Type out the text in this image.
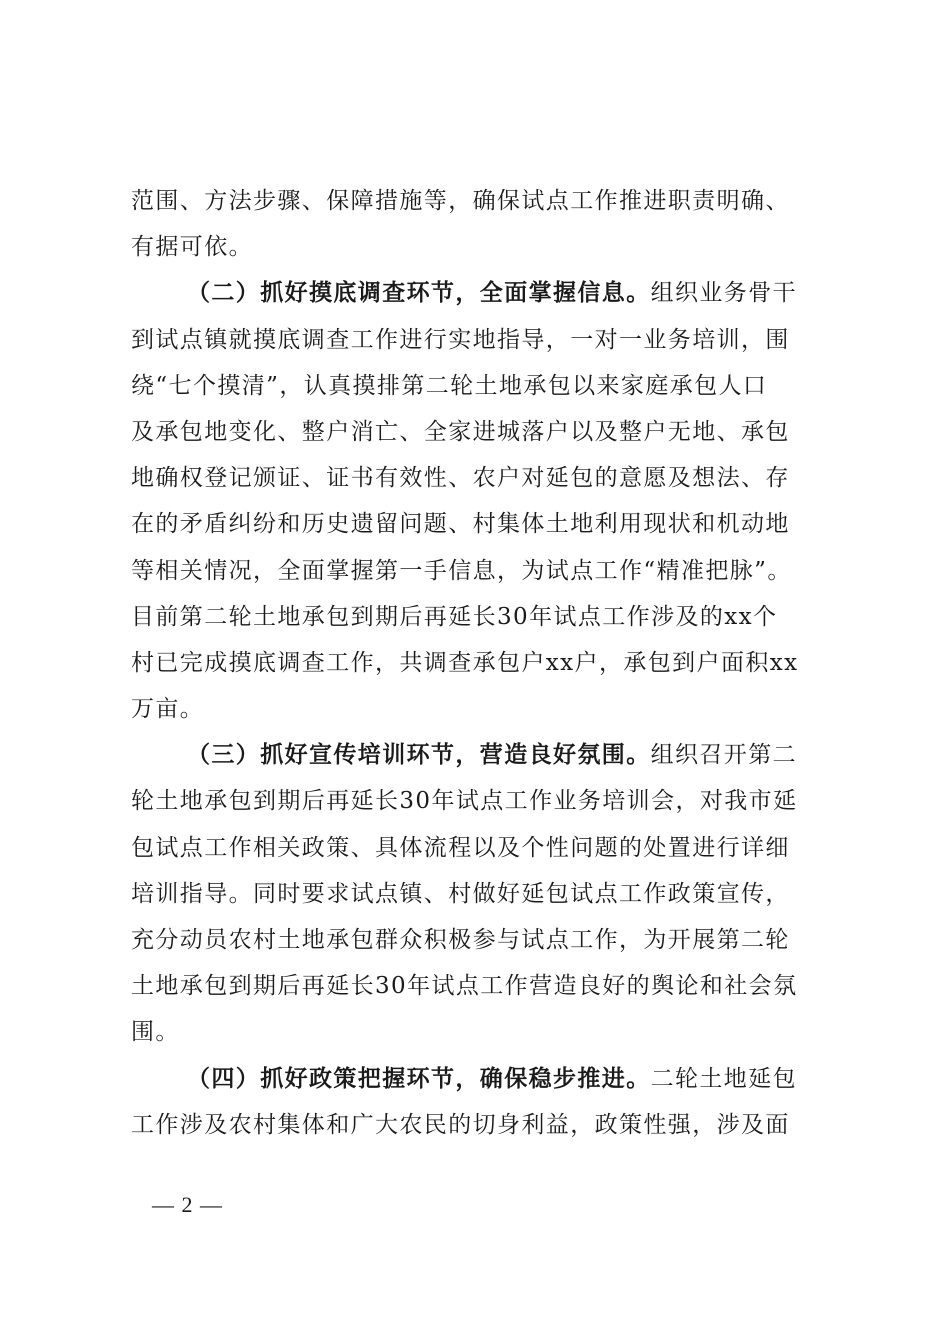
范围、方法步骤、保障措施等，确保试点工作推进职责明确、
有据可依。
（二）抓好摸底调查环节，全面掌握信息。组织业务骨干
到试点镇就摸底调查工作进行实地指导，一对一业务培训，围
绕“七个摸清”，认真摸排第二轮土地承包以来家庭承包人口
及承包地变化、整户消亡、全家进城落户以及整户无地、承包
地确权登记颁证、证书有效性、农户对延包的意愿及想法、存
在的矛盾纠纷和历史遗留问题、村集体土地利用现状和机动地
等相关情况，全面掌握第一手信息，为试点工作“精准把脉”。
目前第二轮土地承包到期后再延长30年试点工作涉及的xx个
村已完成摸底调查工作，共调查承包户xx户，承包到户面积xx
万亩。
（三）抓好宣传培训环节，营造良好氛围。组织召开第二
轮土地承包到期后再延长30年试点工作业务培训会，对我市延
包试点工作相关政策、具体流程以及个性问题的处置进行详细
培训指导。同时要求试点镇、村做好延包试点工作政策宣传，
充分动员农村土地承包群众积极参与试点工作，为开展第二轮
土地承包到期后再延长30年试点工作营造良好的舆论和社会氛
围。
（四）抓好政策把握环节，确保稳步推进。二轮土地延包
工作涉及农村集体和广大农民的切身利益，政策性强，涉及面
— 2 —
